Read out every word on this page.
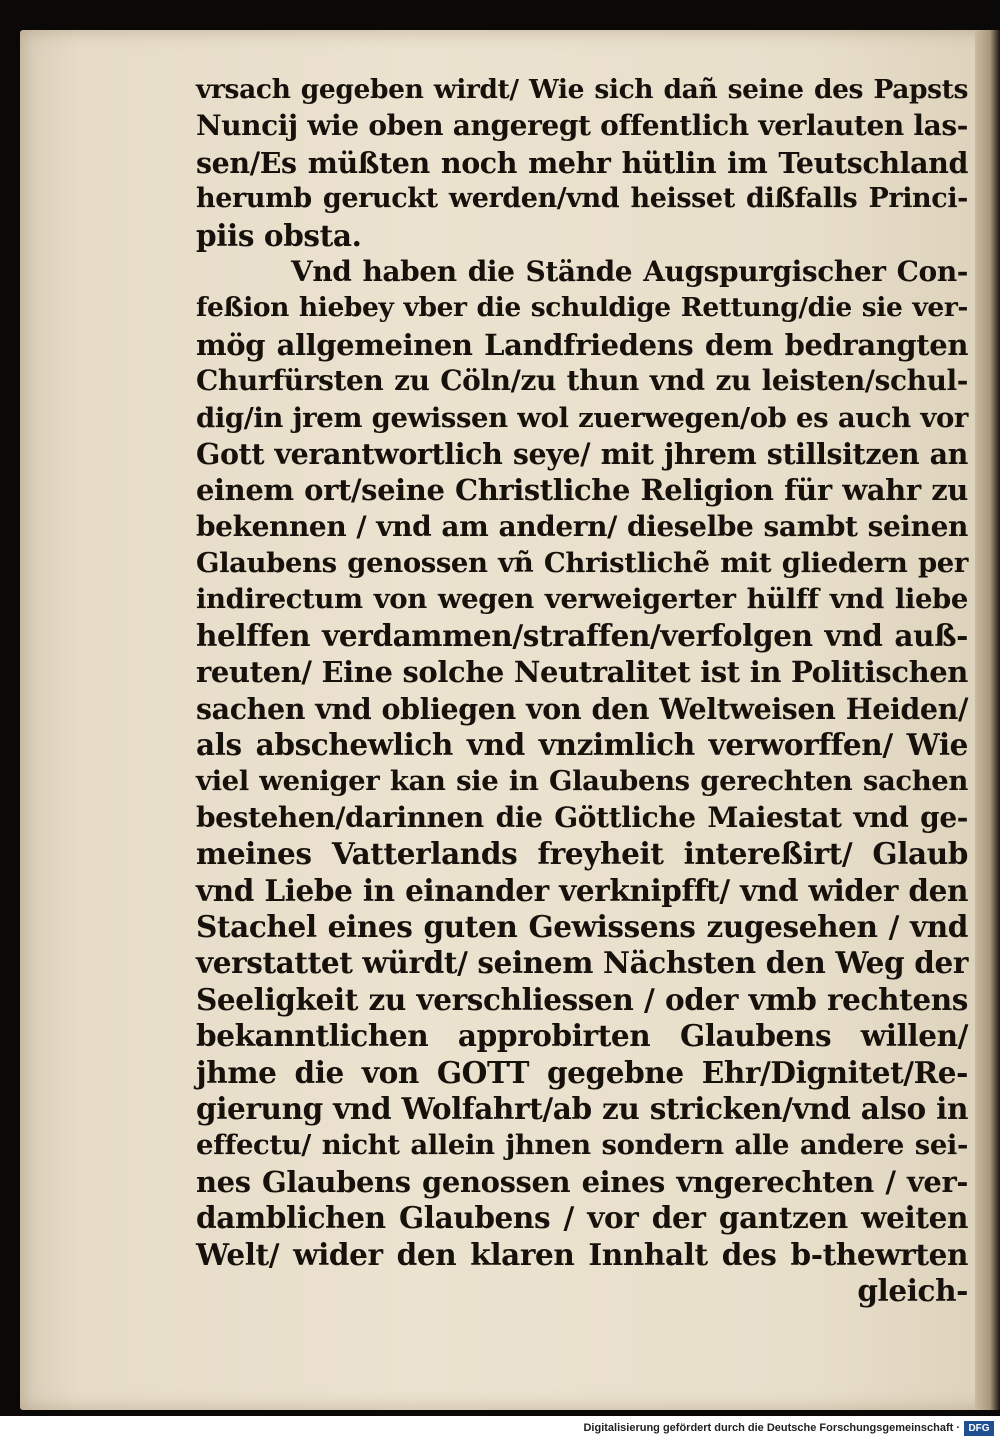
vrsach gegeben wirdt/ Wie sich dañ seine des Papsts
Nuncij wie oben angeregt offentlich verlauten las-
sen/Es müßten noch mehr hütlin im Teutschland
herumb geruckt werden/vnd heisset dißfalls Princi-
piis obsta.
Vnd haben die Stände Augspurgischer Con-
feßion hiebey vber die schuldige Rettung/die sie ver-
mög allgemeinen Landfriedens dem bedrangten
Churfürsten zu Cöln/zu thun vnd zu leisten/schul-
dig/in jrem gewissen wol zuerwegen/ob es auch vor
Gott verantwortlich seye/ mit jhrem stillsitzen an
einem ort/seine Christliche Religion für wahr zu
bekennen / vnd am andern/ dieselbe sambt seinen
Glaubens genossen vñ Christlichẽ mit gliedern per
indirectum von wegen verweigerter hülff vnd liebe
helffen verdammen/straffen/verfolgen vnd auß-
reuten/ Eine solche Neutralitet ist in Politischen
sachen vnd obliegen von den Weltweisen Heiden/
als abschewlich vnd vnzimlich verworffen/ Wie
viel weniger kan sie in Glaubens gerechten sachen
bestehen/darinnen die Göttliche Maiestat vnd ge-
meines Vatterlands freyheit intereßirt/ Glaub
vnd Liebe in einander verknipfft/ vnd wider den
Stachel eines guten Gewissens zugesehen / vnd
verstattet würdt/ seinem Nächsten den Weg der
Seeligkeit zu verschliessen / oder vmb rechtens
bekanntlichen approbirten Glaubens willen/
jhme die von GOTT gegebne Ehr/Dignitet/Re-
gierung vnd Wolfahrt/ab zu stricken/vnd also in
effectu/ nicht allein jhnen sondern alle andere sei-
nes Glaubens genossen eines vngerechten / ver-
damblichen Glaubens / vor der gantzen weiten
Welt/ wider den klaren Innhalt des b-thewrten
gleich-
Digitalisierung gefördert durch die Deutsche Forschungsgemeinschaft · DFG
